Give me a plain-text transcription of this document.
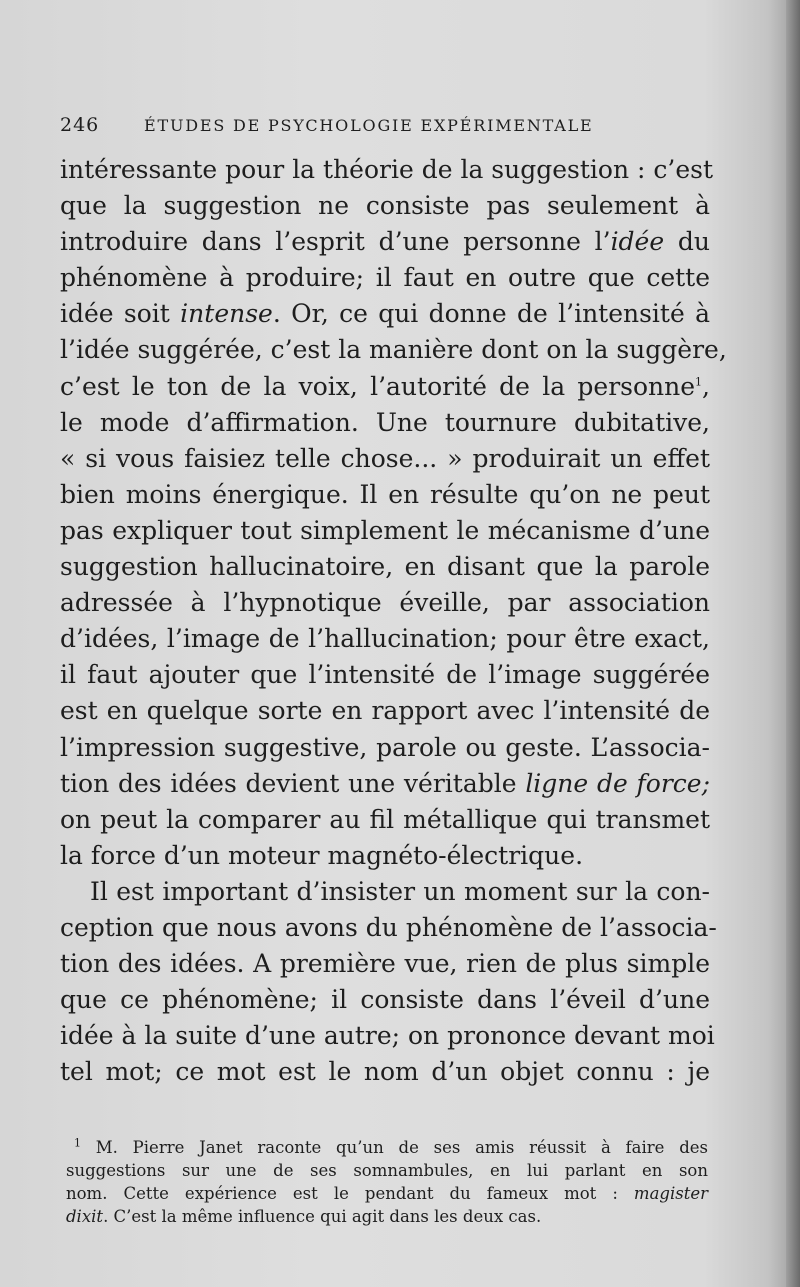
246	ÉTUDES DE PSYCHOLOGIE EXPÉRIMENTALE
intéressante pour la théorie de la suggestion : c’est
que la suggestion ne consiste pas seulement à
introduire dans l’esprit d’une personne l’idée du
phénomène à produire; il faut en outre que cette
idée soit intense. Or, ce qui donne de l’intensité à
l’idée suggérée, c’est la manière dont on la suggère,
c’est le ton de la voix, l’autorité de la personne$^1$,
le mode d’affirmation. Une tournure dubitative,
« si vous faisiez telle chose... » produirait un effet
bien moins énergique. Il en résulte qu’on ne peut
pas expliquer tout simplement le mécanisme d’une
suggestion hallucinatoire, en disant que la parole
adressée à l’hypnotique éveille, par association
d’idées, l’image de l’hallucination; pour être exact,
il faut ajouter que l’intensité de l’image suggérée
est en quelque sorte en rapport avec l’intensité de
l’impression suggestive, parole ou geste. L’associa-
tion des idées devient une véritable ligne de force;
on peut la comparer au fil métallique qui transmet
la force d’un moteur magnéto-électrique.
Il est important d’insister un moment sur la con-
ception que nous avons du phénomène de l’associa-
tion des idées. A première vue, rien de plus simple
que ce phénomène; il consiste dans l’éveil d’une
idée à la suite d’une autre; on prononce devant moi
tel mot; ce mot est le nom d’un objet connu : je
$^1$ M. Pierre Janet raconte qu’un de ses amis réussit à faire des
suggestions sur une de ses somnambules, en lui parlant en son
nom. Cette expérience est le pendant du fameux mot : magister
dixit. C’est la même influence qui agit dans les deux cas.
